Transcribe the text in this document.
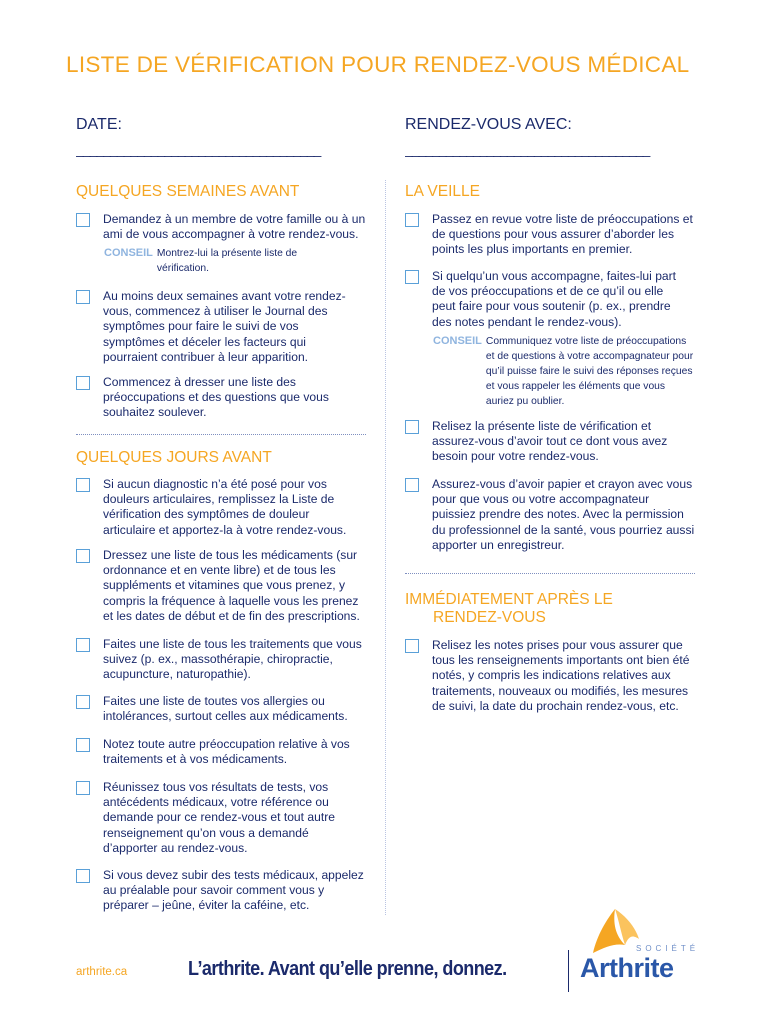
LISTE DE VÉRIFICATION POUR RENDEZ-VOUS MÉDICAL
DATE:
____________________________________
RENDEZ-VOUS AVEC:
____________________________________
QUELQUES SEMAINES AVANT
Demandez à un membre de votre famille ou à un ami de vous accompagner à votre rendez-vous.
CONSEIL Montrez-lui la présente liste de vérification.
Au moins deux semaines avant votre rendez-vous, commencez à utiliser le Journal des symptômes pour faire le suivi de vos symptômes et déceler les facteurs qui pourraient contribuer à leur apparition.
Commencez à dresser une liste des préoccupations et des questions que vous souhaitez soulever.
QUELQUES JOURS AVANT
Si aucun diagnostic n’a été posé pour vos douleurs articulaires, remplissez la Liste de vérification des symptômes de douleur articulaire et apportez-la à votre rendez-vous.
Dressez une liste de tous les médicaments (sur ordonnance et en vente libre) et de tous les suppléments et vitamines que vous prenez, y compris la fréquence à laquelle vous les prenez et les dates de début et de fin des prescriptions.
Faites une liste de tous les traitements que vous suivez (p. ex., massothérapie, chiropractie, acupuncture, naturopathie).
Faites une liste de toutes vos allergies ou intolérances, surtout celles aux médicaments.
Notez toute autre préoccupation relative à vos traitements et à vos médicaments.
Réunissez tous vos résultats de tests, vos antécédents médicaux, votre référence ou demande pour ce rendez-vous et tout autre renseignement qu’on vous a demandé d’apporter au rendez-vous.
Si vous devez subir des tests médicaux, appelez au préalable pour savoir comment vous y préparer – jeûne, éviter la caféine, etc.
LA VEILLE
Passez en revue votre liste de préoccupations et de questions pour vous assurer d’aborder les points les plus importants en premier.
Si quelqu’un vous accompagne, faites-lui part de vos préoccupations et de ce qu’il ou elle peut faire pour vous soutenir (p. ex., prendre des notes pendant le rendez-vous).
CONSEIL Communiquez votre liste de préoccupations et de questions à votre accompagnateur pour qu’il puisse faire le suivi des réponses reçues et vous rappeler les éléments que vous auriez pu oublier.
Relisez la présente liste de vérification et assurez-vous d’avoir tout ce dont vous avez besoin pour votre rendez-vous.
Assurez-vous d’avoir papier et crayon avec vous pour que vous ou votre accompagnateur puissiez prendre des notes. Avec la permission du professionnel de la santé, vous pourriez aussi apporter un enregistreur.
IMMÉDIATEMENT APRÈS LE
RENDEZ-VOUS
Relisez les notes prises pour vous assurer que tous les renseignements importants ont bien été notés, y compris les indications relatives aux traitements, nouveaux ou modifiés, les mesures de suivi, la date du prochain rendez-vous, etc.
arthrite.ca	L’arthrite. Avant qu’elle prenne, donnez.
SOCIÉTÉ
Arthrite
